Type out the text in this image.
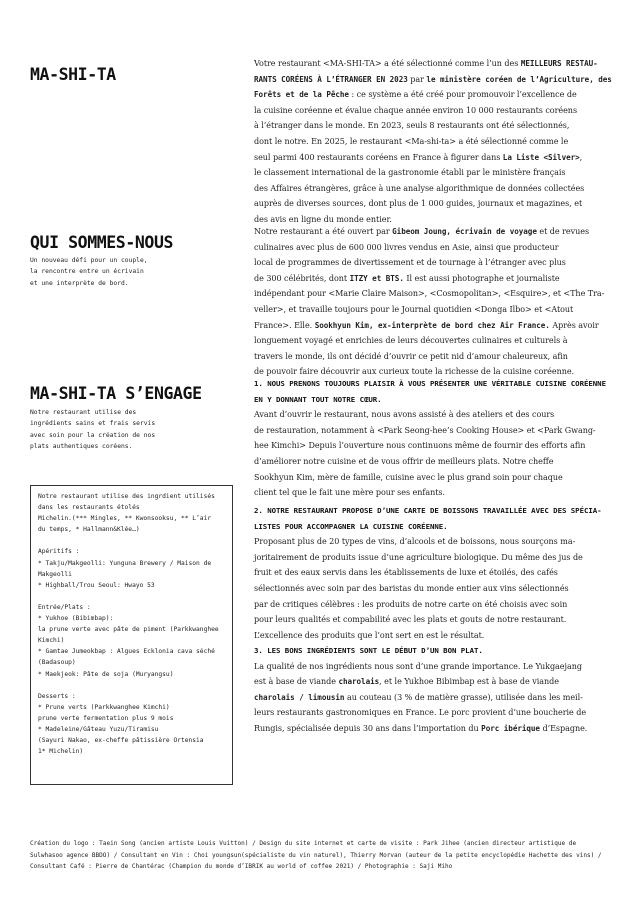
MA-SHI-TA
QUI SOMMES-NOUS
Un nouveau défi pour un couple,
la rencontre entre un écrivain
et une interprète de bord.
MA-SHI-TA S’ENGAGE
Notre restaurant utilise des
ingrédients sains et frais servis
avec soin pour la création de nos
plats authentiques coréens.
Notre restaurant utilise des ingrdient utilisés
dans les restaurants étolés
Michelin.(*** Mingles, ** Kwonsooksu, ** L’air
du temps, * Hallmann&Klée…)
Apéritifs :
* Takju/Makgeolli: Yunguna Brewery / Maison de
Makgeolli
* Highball/Trou Seoul: Hwayo 53
Entrée/Plats :
* Yukhoe (Bibimbap):
la prune verte avec pâte de piment (Parkkwanghee
Kimchi)
* Gamtae Jumeokbap : Algues Ecklonia cava séché
(Badasoup)
* Maekjeok: Pâte de soja (Muryangsu)
Desserts :
* Prune verts (Parkkwanghee Kimchi)
prune verte fermentation plus 9 mois
* Madeleine/Gâteau Yuzu/Tiramisu
(Sayuri Nakao, ex-cheffe pâtissière Ortensia
1* Michelin)
Votre restaurant <MA-SHI-TA> a été sélectionné comme l’un des MEILLEURS RESTAU-
RANTS CORÉENS À L’ÉTRANGER EN 2023 par le ministère coréen de l’Agriculture, des
Forêts et de la Pêche : ce système a été créé pour promouvoir l’excellence de
la cuisine coréenne et évalue chaque année environ 10 000 restaurants coréens
à l’étranger dans le monde. En 2023, seuls 8 restaurants ont été sélectionnés,
dont le notre. En 2025, le restaurant <Ma-shi-ta> a été sélectionné comme le
seul parmi 400 restaurants coréens en France à figurer dans La Liste <Silver>,
le classement international de la gastronomie établi par le ministère français
des Affaires étrangères, grâce à une analyse algorithmique de données collectées
auprès de diverses sources, dont plus de 1 000 guides, journaux et magazines, et
des avis en ligne du monde entier.
Notre restaurant a été ouvert par Gibeom Joung, écrivain de voyage et de revues
culinaires avec plus de 600 000 livres vendus en Asie, ainsi que producteur
local de programmes de divertissement et de tournage à l’étranger avec plus
de 300 célébrités, dont ITZY et BTS. Il est aussi photographe et journaliste
indépendant pour <Marie Claire Maison>, <Cosmopolitan>, <Esquire>, et <The Tra-
veller>, et travaille toujours pour le Journal quotidien <Donga Ilbo> et <Atout
France>. Elle. Sookhyun Kim, ex-interprète de bord chez Air France. Après avoir
longuement voyagé et enrichies de leurs découvertes culinaires et culturels à
travers le monde, ils ont décidé d’ouvrir ce petit nid d’amour chaleureux, afin
de pouvoir faire découvrir aux curieux toute la richesse de la cuisine coréenne.
1. NOUS PRENONS TOUJOURS PLAISIR À VOUS PRÉSENTER UNE VÉRITABLE CUISINE CORÉENNE
EN Y DONNANT TOUT NOTRE CŒUR.
Avant d’ouvrir le restaurant, nous avons assisté à des ateliers et des cours
de restauration, notamment à <Park Seong-hee’s Cooking House> et <Park Gwang-
hee Kimchi> Depuis l’ouverture nous continuons même de fournir des efforts afin
d’améliorer notre cuisine et de vous offrir de meilleurs plats. Notre cheffe
Sookhyun Kim, mère de famille, cuisine avec le plus grand soin pour chaque
client tel que le fait une mère pour ses enfants.
2. NOTRE RESTAURANT PROPOSE D’UNE CARTE DE BOISSONS TRAVAILLÉE AVEC DES SPÉCIA-
LISTES POUR ACCOMPAGNER LA CUISINE CORÉENNE.
Proposant plus de 20 types de vins, d’alcools et de boissons, nous sourçons ma-
joritairement de produits issue d’une agriculture biologique. Du même des jus de
fruit et des eaux servis dans les établissements de luxe et étoilés, des cafés
sélectionnés avec soin par des baristas du monde entier aux vins sélectionnés
par de critiques célèbres : les produits de notre carte on été choisis avec soin
pour leurs qualités et compabilité avec les plats et gouts de notre restaurant.
L’excellence des produits que l’ont sert en est le résultat.
3. LES BONS INGRÉDIENTS SONT LE DÉBUT D’UN BON PLAT.
La qualité de nos ingrédients nous sont d’une grande importance. Le Yukgaejang
est à base de viande charolais, et le Yukhoe Bibimbap est à base de viande
charolais / limousin au couteau (3 % de matière grasse), utilisée dans les meil-
leurs restaurants gastronomiques en France. Le porc provient d’une boucherie de
Rungis, spécialisée depuis 30 ans dans l’importation du Porc ibérique d’Espagne.
Création du logo : Taein Song (ancien artiste Louis Vuitton) / Design du site internet et carte de visite : Park Jihee (ancien directeur artistique de
Sulwhasoo agence BBDO) / Consultant en Vin : Choi youngsun(spécialiste du vin naturel), Thierry Morvan (auteur de la petite encyclopédie Hachette des vins) /
Consultant Café : Pierre de Chantérac (Champion du monde d’IBRIK au world of coffee 2021) / Photographie : Saji Miho
